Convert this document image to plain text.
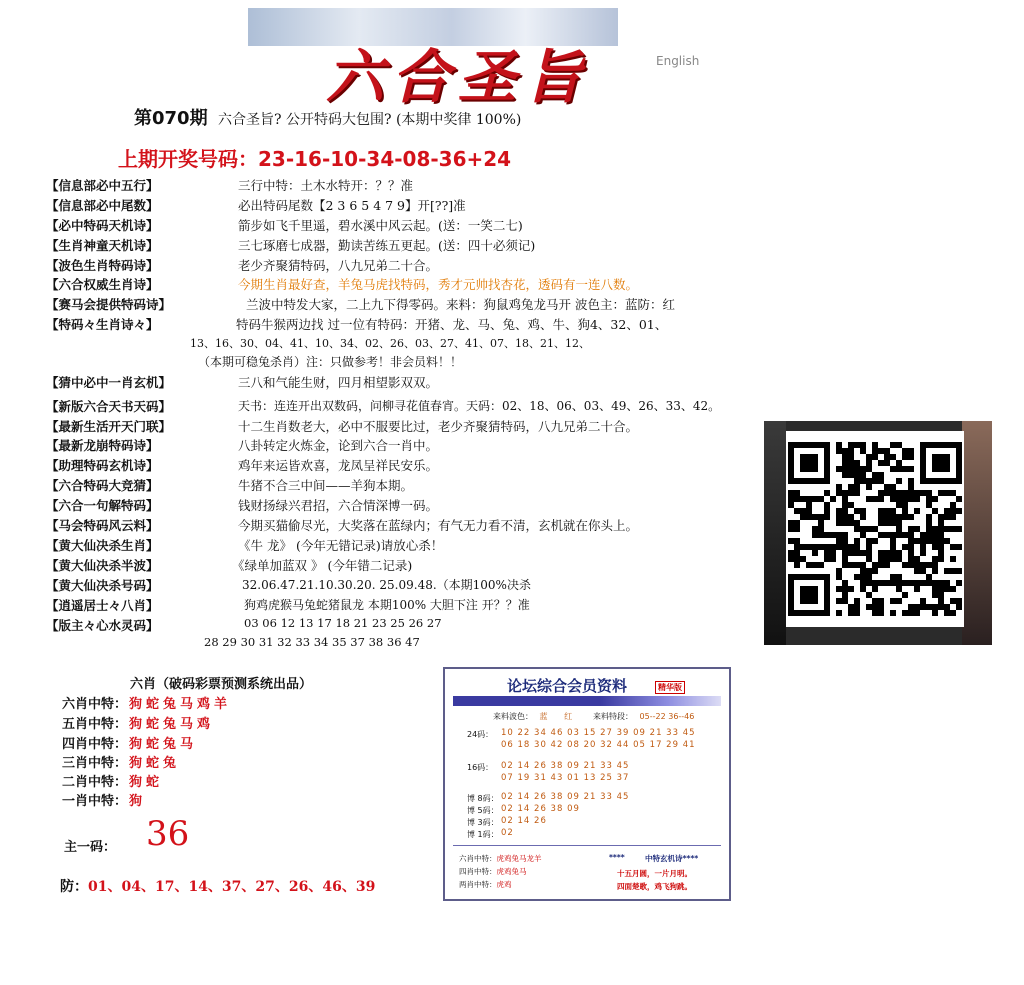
六合圣旨	English
第070期 六合圣旨? 公开特码大包围? (本期中奖律 100%)
上期开奖号码：23-16-10-34-08-36+24
【信息部必中五行】	三行中特：土木水特开：？？准
【信息部必中尾数】	必出特码尾数【2 3 6 5 4 7 9】开[??]准
【必中特码天机诗】	箭步如飞千里遥，碧水溪中风云起。(送：一笑二七)
【生肖神童天机诗】	三七琢磨七成器，勤读苦练五更起。(送：四十必须记)
【波色生肖特码诗】	老少齐聚猜特码，八九兄弟二十合。
【六合权威生肖诗】	今期生肖最好查，羊兔马虎找特码，秀才元帅找杏花，透码有一连八数。
【赛马会提供特码诗】	兰波中特发大家，二上九下得零码。来料：狗鼠鸡兔龙马开 波色主：蓝防：红
【特码々生肖诗々】	特码牛猴两边找 过一位有特码：开猪、龙、马、兔、鸡、牛、狗4、32、01、
13、16、30、04、41、10、34、02、26、03、27、41、07、18、21、12、
（本期可稳兔杀肖）注：只做参考！非会员料！！
【猜中必中一肖玄机】	三八和气能生财，四月相望影双双。
【新版六合天书天码】	天书：连连开出双数码，问柳寻花值春宵。天码：02、18、06、03、49、26、33、42。
【最新生活开天门联】	十二生肖数老大，必中不服要比过，老少齐聚猜特码，八九兄弟二十合。
【最新龙崩特码诗】	八卦转定火炼金，论到六合一肖中。
【助理特码玄机诗】	鸡年来运皆欢喜，龙凤呈祥民安乐。
【六合特码大竞猜】	牛猪不合三中间——羊狗本期。
【六合一句解特码】	钱财扬绿兴君招，六合情深博一码。
【马会特码风云料】	今期买猫偷尽光，大奖落在蓝绿内；有气无力看不清，玄机就在你头上。
【黄大仙决杀生肖】	《牛 龙》 (今年无错记录)请放心杀！
【黄大仙决杀半波】	《绿单加蓝双 》 (今年错二记录)
【黄大仙决杀号码】	32.06.47.21.10.30.20. 25.09.48.（本期100%决杀
【逍遥居士々八肖】	狗鸡虎猴马兔蛇猪鼠龙 本期100% 大胆下注 开？？准
【版主々心水灵码】	03 06 12 13 17 18 21 23 25 26 27
28 29 30 31 32 33 34 35 37 38 36 47
六肖（破码彩票预测系统出品）
六肖中特： 狗蛇兔马鸡羊
五肖中特： 狗蛇兔马鸡
四肖中特： 狗蛇兔马
三肖中特： 狗蛇兔
二肖中特： 狗蛇
一肖中特： 狗
主一码： 36
防：01、04、17、14、37、27、26、46、39
论坛综合会员资料	精华版
来料波色： 蓝 红	来料特段： 05--22 36--46
24码： 10 22 34 46 03 15 27 39 09 21 33 45
06 18 30 42 08 20 32 44 05 17 29 41
16码： 02 14 26 38 09 21 33 45
07 19 31 43 01 13 25 37
博 8码： 02 14 26 38 09 21 33 45
博 5码： 02 14 26 38 09
博 3码： 02 14 26
博 1码： 02
六肖中特：虎鸡兔马龙羊
四肖中特：虎鸡兔马
两肖中特：虎鸡
****	中特玄机诗****
十五月圆，一片月明。
四面楚歌，鸡飞狗跳。
